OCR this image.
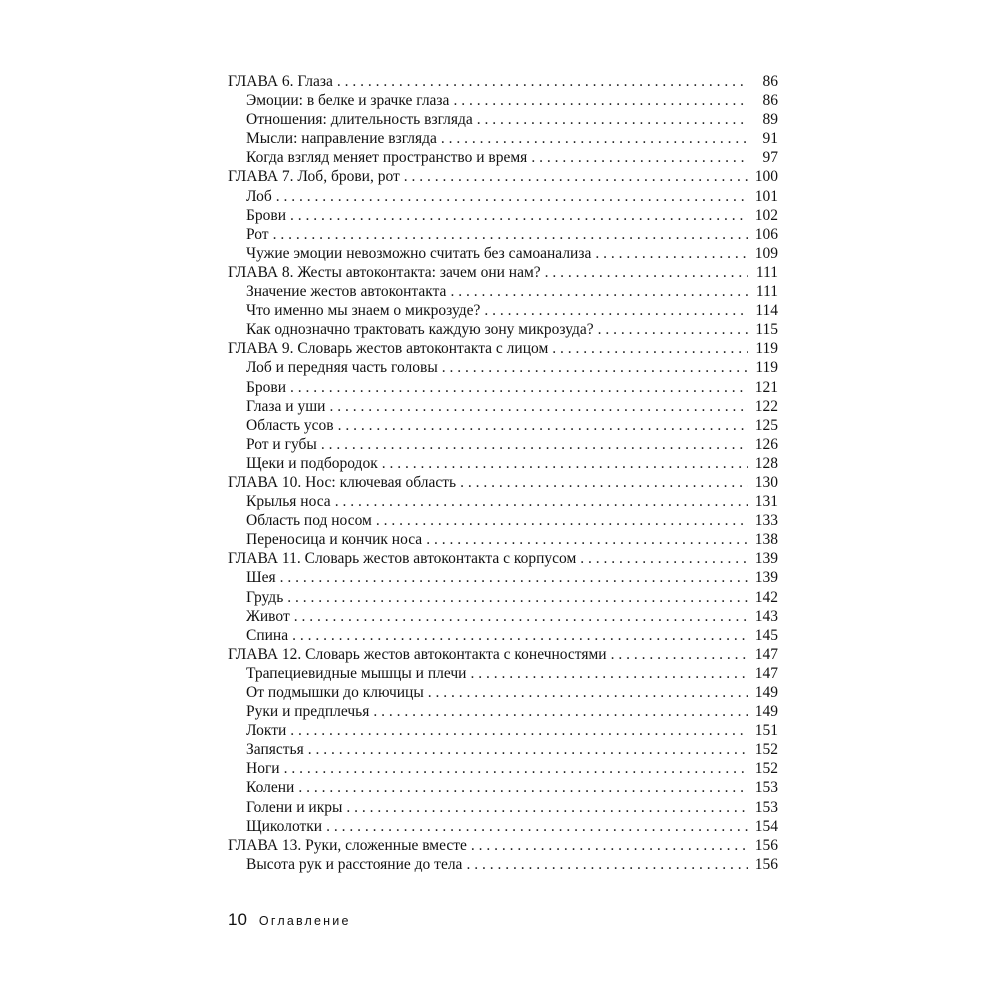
ГЛАВА 6. Глаза . . .	86
Эмоции: в белке и зрачке глаза . . .	86
Отношения: длительность взгляда . . .	89
Мысли: направление взгляда . . .	91
Когда взгляд меняет пространство и время . . .	97
ГЛАВА 7. Лоб, брови, рот . . .	100
Лоб . . .	101
Брови . . .	102
Рот . . .	106
Чужие эмоции невозможно считать без самоанализа . . .	109
ГЛАВА 8. Жесты автоконтакта: зачем они нам? . . .	111
Значение жестов автоконтакта . . .	111
Что именно мы знаем о микрозуде? . . .	114
Как однозначно трактовать каждую зону микрозуда? . . .	115
ГЛАВА 9. Словарь жестов автоконтакта с лицом . . .	119
Лоб и передняя часть головы . . .	119
Брови . . .	121
Глаза и уши . . .	122
Область усов . . .	125
Рот и губы . . .	126
Щеки и подбородок . . .	128
ГЛАВА 10. Нос: ключевая область . . .	130
Крылья носа . . .	131
Область под носом . . .	133
Переносица и кончик носа . . .	138
ГЛАВА 11. Словарь жестов автоконтакта с корпусом . . .	139
Шея . . .	139
Грудь . . .	142
Живот . . .	143
Спина . . .	145
ГЛАВА 12. Словарь жестов автоконтакта с конечностями . . .	147
Трапециевидные мышцы и плечи . . .	147
От подмышки до ключицы . . .	149
Руки и предплечья . . .	149
Локти . . .	151
Запястья . . .	152
Ноги . . .	152
Колени . . .	153
Голени и икры . . .	153
Щиколотки . . .	154
ГЛАВА 13. Руки, сложенные вместе . . .	156
Высота рук и расстояние до тела . . .	156
10 Оглавление
